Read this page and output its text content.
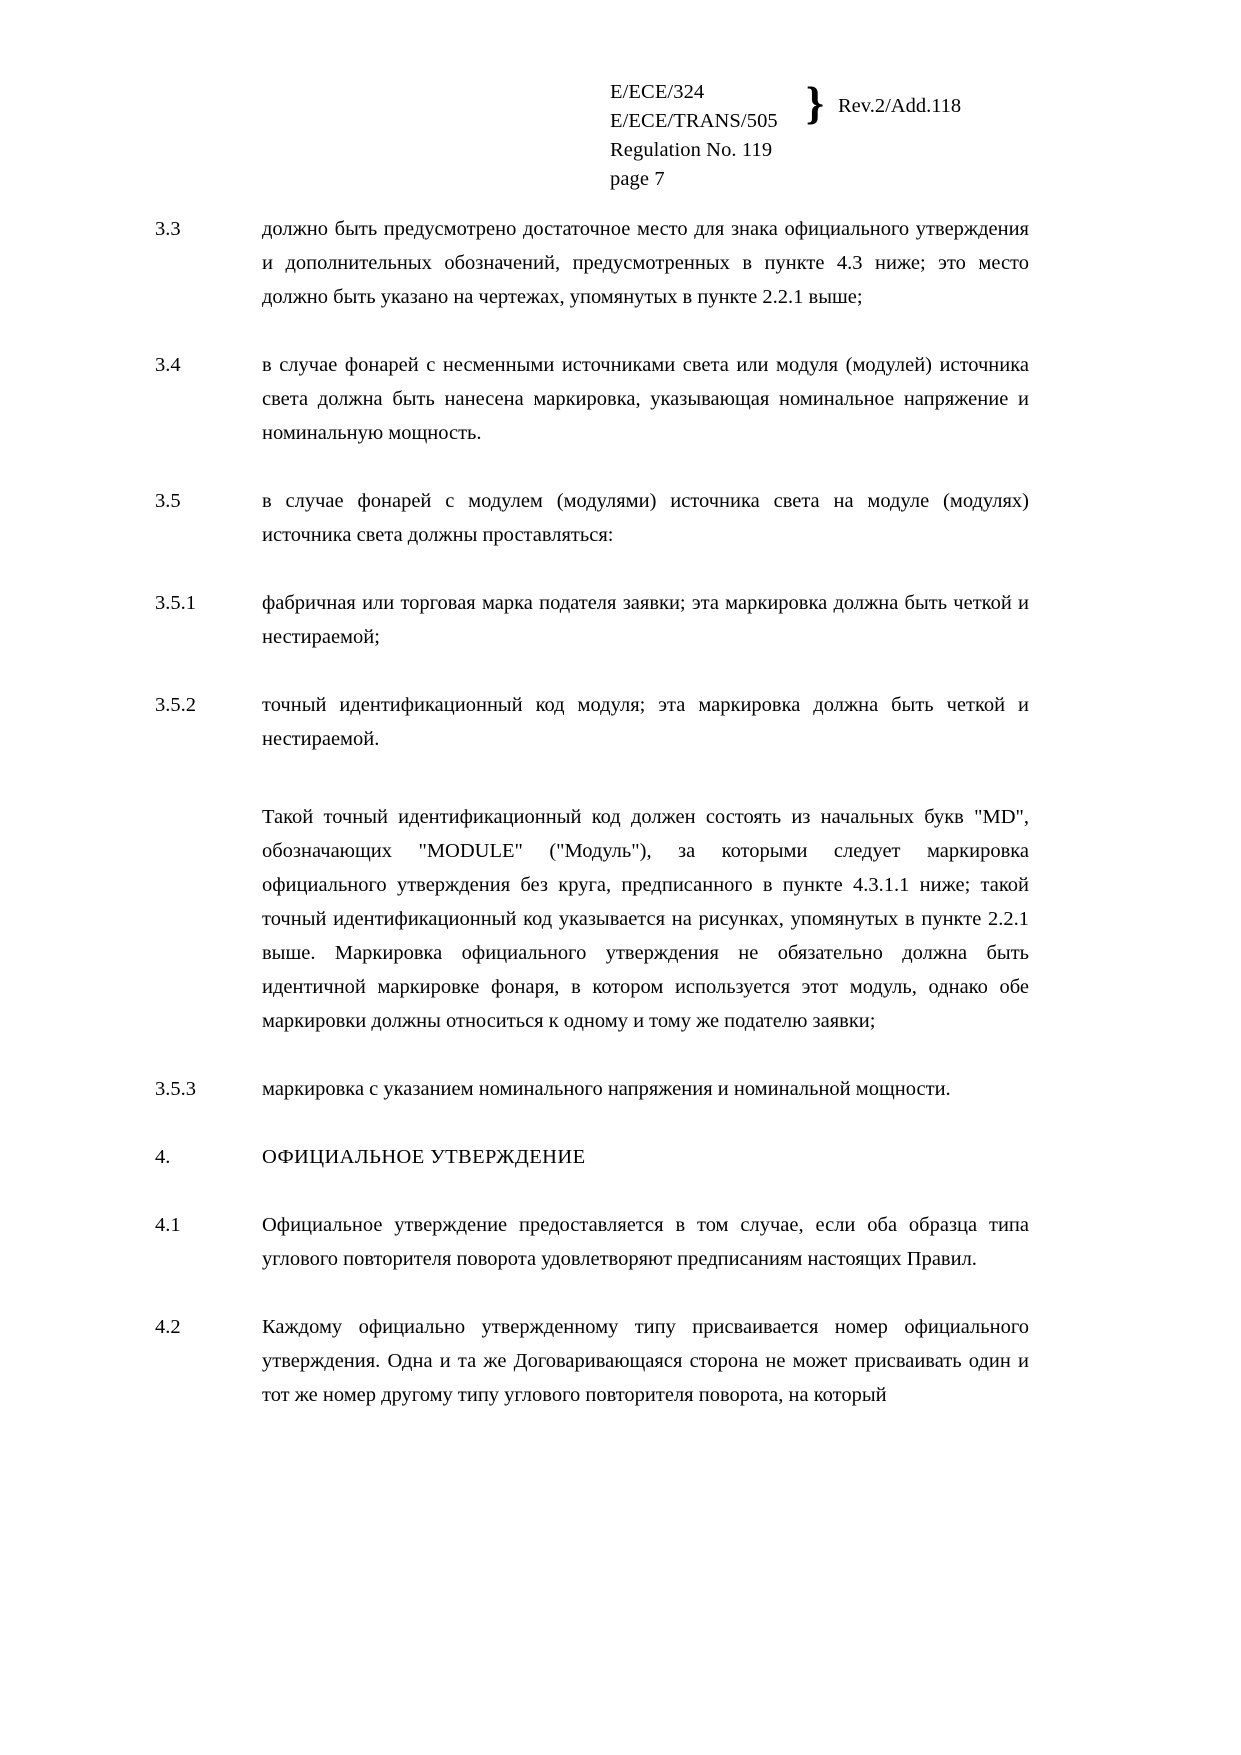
E/ECE/324
E/ECE/TRANS/505
Regulation No. 119
page 7
} Rev.2/Add.118
3.3	должно быть предусмотрено достаточное место для знака официального утверждения и дополнительных обозначений, предусмотренных в пункте 4.3 ниже; это место должно быть указано на чертежах, упомянутых в пункте 2.2.1 выше;
3.4	в случае фонарей с несменными источниками света или модуля (модулей) источника света должна быть нанесена маркировка, указывающая номинальное напряжение и номинальную мощность.
3.5	в случае фонарей с модулем (модулями) источника света на модуле (модулях) источника света должны проставляться:
3.5.1	фабричная или торговая марка подателя заявки; эта маркировка должна быть четкой и нестираемой;
3.5.2	точный идентификационный код модуля; эта маркировка должна быть четкой и нестираемой.
Такой точный идентификационный код должен состоять из начальных букв "MD", обозначающих "MODULE" ("Модуль"), за которыми следует маркировка официального утверждения без круга, предписанного в пункте 4.3.1.1 ниже; такой точный идентификационный код указывается на рисунках, упомянутых в пункте 2.2.1 выше. Маркировка официального утверждения не обязательно должна быть идентичной маркировке фонаря, в котором используется этот модуль, однако обе маркировки должны относиться к одному и тому же подателю заявки;
3.5.3	маркировка с указанием номинального напряжения и номинальной мощности.
4.	ОФИЦИАЛЬНОЕ УТВЕРЖДЕНИЕ
4.1	Официальное утверждение предоставляется в том случае, если оба образца типа углового повторителя поворота удовлетворяют предписаниям настоящих Правил.
4.2	Каждому официально утвержденному типу присваивается номер официального утверждения. Одна и та же Договаривающаяся сторона не может присваивать один и тот же номер другому типу углового повторителя поворота, на который
